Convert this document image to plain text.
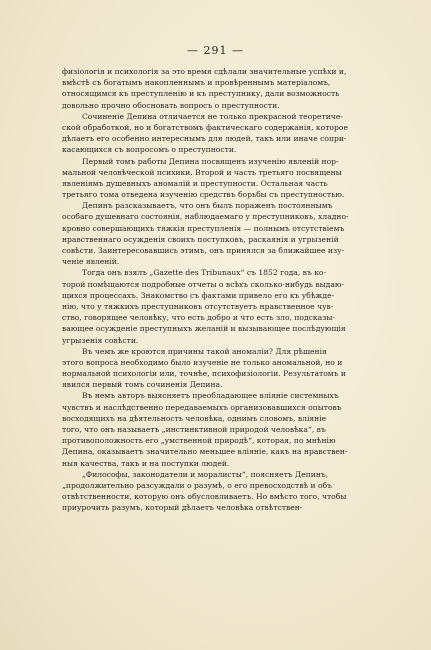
— 291 —
физіологія и психологія за это время сдѣлали значительные успѣхи и,
вмѣстѣ съ богатымъ накопленнымъ и провѣреннымъ матеріаломъ,
относящимся къ преступленію и къ преступнику, дали возможность
довольно прочно обосновать вопросъ о преступности.
Сочиненіе Депина отличается не только прекрасной теоретиче-
ской обработкой, но и богатствомъ фактическаго содержанія, которое
дѣлаетъ его особенно интереснымъ для людей, такъ или иначе сопри-
касающихся съ вопросомъ о преступности.
Первый томъ работы Депина посвященъ изученію явленій нор-
мальной человѣческой психики. Второй и часть третьяго посвящены
явленіямъ душевныхъ аномалій и преступности. Остальная часть
третьяго тома отведена изученію средствъ борьбы съ преступностью.
Депинъ разсказываетъ, что онъ былъ пораженъ постояннымъ
особаго душевнаго состоянія, наблюдаемаго у преступниковъ, хладно-
кровно совершающихъ тяжкія преступленія — полнымъ отсутствіемъ
нравственнаго осужденія своихъ поступковъ, раскаянія и угрызеній
совѣсти. Заинтересовавшись этимъ, онъ принялся за ближайшее изу-
ченіе явленій.
Тогда онъ взялъ „Gazette des Tribunaux“ съ 1852 года, въ ко-
торой помѣщаются подробные отчеты о всѣхъ сколько-нибудь выдаю-
щихся процессахъ. Знакомство съ фактами привело его къ убѣжде-
нію, что у тяжкихъ преступниковъ отсутствуетъ нравственное чув-
ство, говорящее человѣку, что есть добро и что есть зло, подсказы-
вающее осужденіе преступныхъ желаній и вызывающее послѣдующія
угрызенія совѣсти.
Въ чемъ же кроются причины такой аномаліи? Для рѣшенія
этого вопроса необходимо было изученіе не только аномальной, но и
нормальной психологіи или, точнѣе, психофизіологіи. Результатомъ и
явился первый томъ сочиненія Депина.
Въ немъ авторъ выясняетъ преобладающее вліяніе системныхъ
чувствъ и наслѣдственно передаваемыхъ организовавшихся опытовъ
восходящихъ на дѣятельность человѣка, однимъ словомъ, вліяніе
того, что онъ называетъ „инстинктивной природой человѣка“, въ
противоположность его „умственной природѣ“, которая, по мнѣнію
Депина, оказываетъ значительно меньшее вліяніе, какъ на нравствен-
ныя качества, такъ и на поступки людей.
„Философы, законодатели и моралисты“, поясняетъ Депинъ,
„продолжительно разсуждали о разумѣ, о его превосходствѣ и объ
отвѣтственности, которую онъ обусловливаетъ. Но вмѣсто того, чтобы
приурочить разумъ, который дѣлаетъ человѣка отвѣтствен-
